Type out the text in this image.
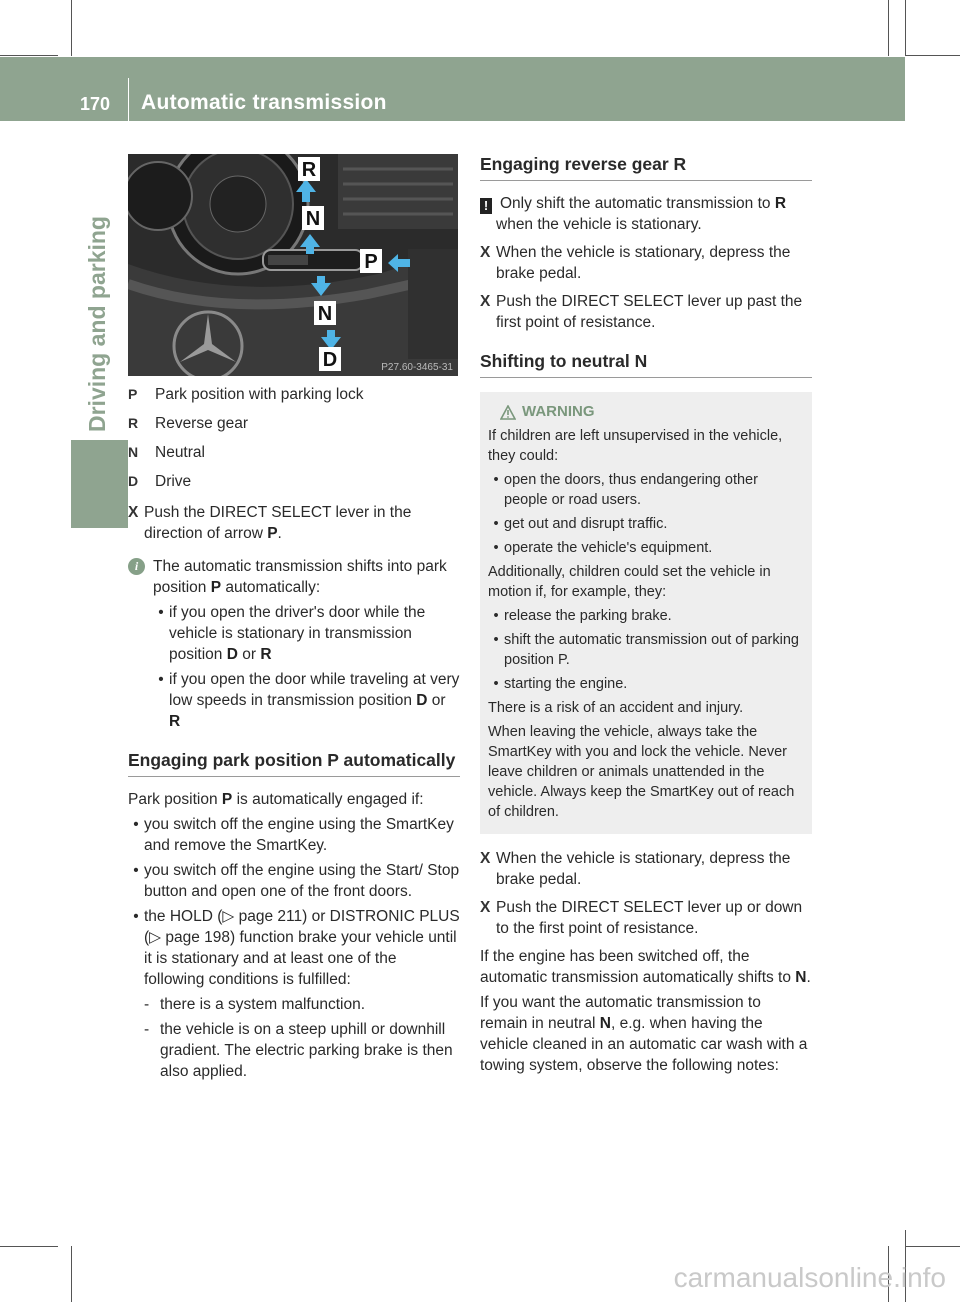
170 Automatic transmission
Driving and parking
R
N
P
N
D	P27.60-3465-31
P	Park position with parking lock
R	Reverse gear
N	Neutral
D	Drive
X Push the DIRECT SELECT lever in the direction of arrow P.
i The automatic transmission shifts into park position P automatically:
• if you open the driver's door while the vehicle is stationary in transmission position D or R
• if you open the door while traveling at very low speeds in transmission position D or R
Engaging park position P automatically
Park position P is automatically engaged if:
• you switch off the engine using the SmartKey and remove the SmartKey.
• you switch off the engine using the Start/ Stop button and open one of the front doors.
• the HOLD (▷ page 211) or DISTRONIC PLUS (▷ page 198) function brake your vehicle until it is stationary and at least one of the following conditions is fulfilled:
- there is a system malfunction.
- the vehicle is on a steep uphill or downhill gradient. The electric parking brake is then also applied.
Engaging reverse gear R
! Only shift the automatic transmission to R when the vehicle is stationary.
X When the vehicle is stationary, depress the brake pedal.
X Push the DIRECT SELECT lever up past the first point of resistance.
Shifting to neutral N
WARNING

If children are left unsupervised in the vehicle, they could:

• open the doors, thus endangering other people or road users.
• get out and disrupt traffic.
• operate the vehicle's equipment.

Additionally, children could set the vehicle in motion if, for example, they:

• release the parking brake.
• shift the automatic transmission out of parking position P.
• starting the engine.

There is a risk of an accident and injury.

When leaving the vehicle, always take the SmartKey with you and lock the vehicle. Never leave children or animals unattended in the vehicle. Always keep the SmartKey out of reach of children.

X When the vehicle is stationary, depress the brake pedal.
X Push the DIRECT SELECT lever up or down to the first point of resistance.
If the engine has been switched off, the automatic transmission automatically shifts to N.
If you want the automatic transmission to remain in neutral N, e.g. when having the vehicle cleaned in an automatic car wash with a towing system, observe the following notes:
carmanualsonline.info
